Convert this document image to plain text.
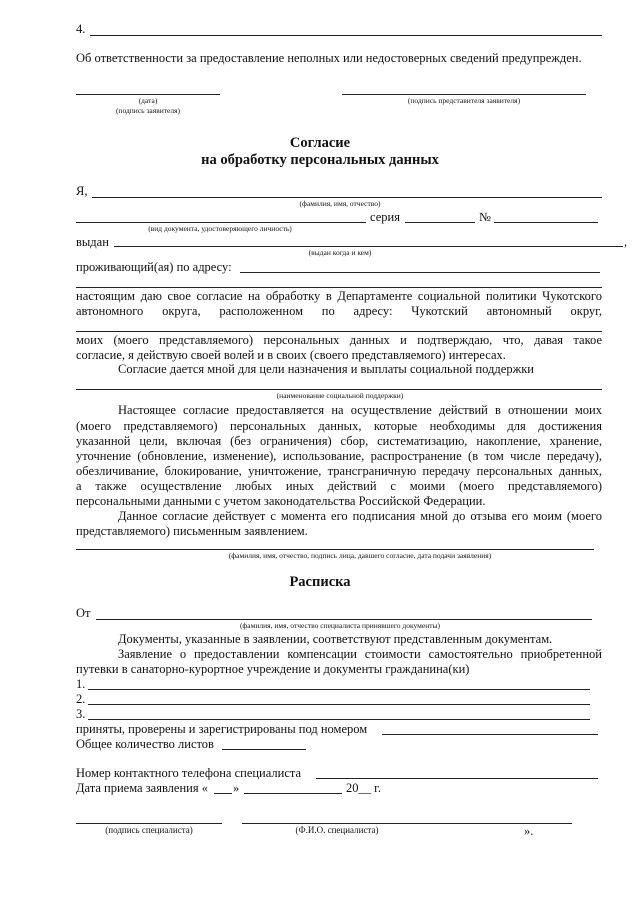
4.
Об ответственности за предоставление неполных или недостоверных сведений предупрежден.
(дата)
(подпись заявителя)
(подпись представителя заявителя)
Согласие
на обработку персональных данных
Я,
(фамилия, имя, отчество)
серия	№
(вид документа, удостоверяющего личность)
выдан	,
(выдан когда и кем)
проживающий(ая) по адресу:
настоящим даю свое согласие на обработку в Департаменте социальной политики Чукотского
автономного округа, расположенном по адресу: Чукотский автономный округ,
моих (моего представляемого) персональных данных и подтверждаю, что, давая такое
согласие, я действую своей волей и в своих (своего представляемого) интересах.
Согласие дается мной для цели назначения и выплаты социальной поддержки
(наименование социальной поддержки)
Настоящее согласие предоставляется на осуществление действий в отношении моих
(моего представляемого) персональных данных, которые необходимы для достижения
указанной цели, включая (без ограничения) сбор, систематизацию, накопление, хранение,
уточнение (обновление, изменение), использование, распространение (в том числе передачу),
обезличивание, блокирование, уничтожение, трансграничную передачу персональных данных,
а также осуществление любых иных действий с моими (моего представляемого)
персональными данными с учетом законодательства Российской Федерации.
Данное согласие действует с момента его подписания мной до отзыва его моим (моего
представляемого) письменным заявлением.
(фамилия, имя, отчество, подпись лица, давшего согласие, дата подачи заявления)
Расписка
От
(фамилия, имя, отчество специалиста принявшего документы)
Документы, указанные в заявлении, соответствуют представленным документам.
Заявление о предоставлении компенсации стоимости самостоятельно приобретенной
путевки в санаторно-курортное учреждение и документы гражданина(ки)
1.
2.
3.
приняты, проверены и зарегистрированы под номером
Общее количество листов
Номер контактного телефона специалиста
Дата приема заявления « »	20__ г.
(подпись специалиста)	(Ф.И.О. специалиста)	».
